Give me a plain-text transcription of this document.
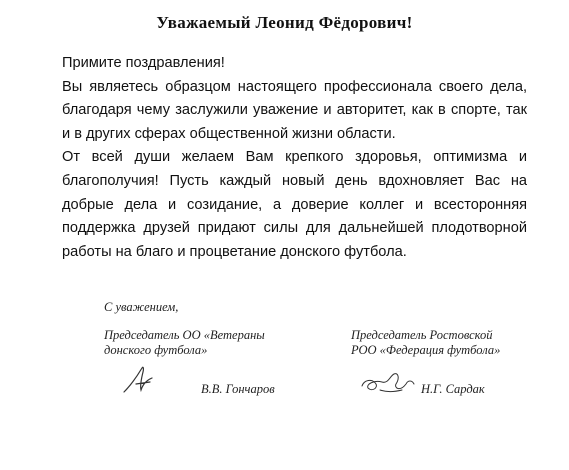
Уважаемый Леонид Фёдорович!

Примите поздравления!

Вы являетесь образцом настоящего профессионала своего дела, благодаря чему заслужили уважение и авторитет, как в спорте, так и в других сферах общественной жизни области.

От всей души желаем Вам крепкого здоровья, оптимизма и благополучия! Пусть каждый новый день вдохновляет Вас на добрые дела и созидание, а доверие коллег и всесторонняя поддержка друзей придают силы для дальнейшей плодотворной работы на благо и процветание донского футбола.

С уважением,
Председатель ОО «Ветераны
донского футбола»
Председатель Ростовской
РОО «Федерация футбола»
В.В. Гончаров	Н.Г. Сардак
